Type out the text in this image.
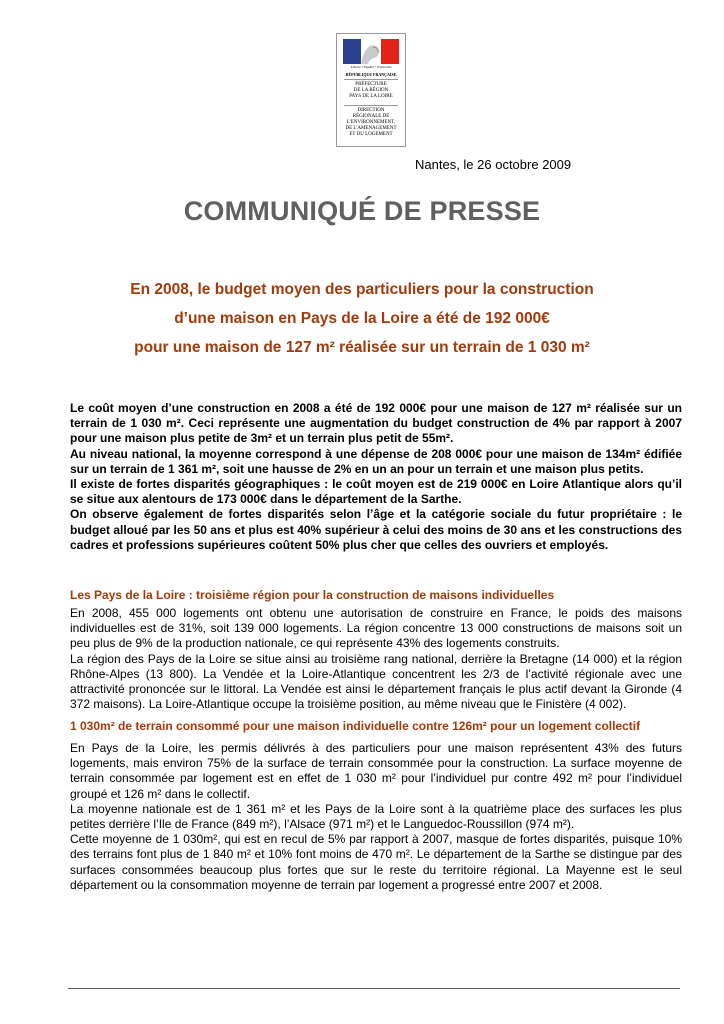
Liberté • Égalité • Fraternité
RÉPUBLIQUE FRANÇAISE
PRÉFECTURE
DE LA RÉGION
PAYS DE LA LOIRE
DIRECTION
RÉGIONALE DE
L'ENVIRONNEMENT,
DE L'AMENAGEMENT
ET DU LOGEMENT
Nantes, le 26 octobre 2009
COMMUNIQUÉ DE PRESSE
En 2008, le budget moyen des particuliers pour la construction
d’une maison en Pays de la Loire a été de 192 000€
pour une maison de 127 m² réalisée sur un terrain de 1 030 m²

Le coût moyen d’une construction en 2008 a été de 192 000€ pour une maison de 127 m² réalisée sur un terrain de 1 030 m². Ceci représente une augmentation du budget construction de 4% par rapport à 2007 pour une maison plus petite de 3m² et un terrain plus petit de 55m².

Au niveau national, la moyenne correspond à une dépense de 208 000€ pour une maison de 134m² édifiée sur un terrain de 1 361 m², soit une hausse de 2% en un an pour un terrain et une maison plus petits.

Il existe de fortes disparités géographiques : le coût moyen est de 219 000€ en Loire Atlantique alors qu’il se situe aux alentours de 173 000€ dans le département de la Sarthe.

On observe également de fortes disparités selon l’âge et la catégorie sociale du futur propriétaire : le budget alloué par les 50 ans et plus est 40% supérieur à celui des moins de 30 ans et les constructions des cadres et professions supérieures coûtent 50% plus cher que celles des ouvriers et employés.

Les Pays de la Loire : troisième région pour la construction de maisons individuelles

En 2008, 455 000 logements ont obtenu une autorisation de construire en France, le poids des maisons individuelles est de 31%, soit 139 000 logements. La région concentre 13 000 constructions de maisons soit un peu plus de 9% de la production nationale, ce qui représente 43% des logements construits.

La région des Pays de la Loire se situe ainsi au troisième rang national, derrière la Bretagne (14 000) et la région Rhône-Alpes (13 800). La Vendée et la Loire-Atlantique concentrent les 2/3 de l’activité régionale avec une attractivité prononcée sur le littoral. La Vendée est ainsi le département français le plus actif devant la Gironde (4 372 maisons). La Loire-Atlantique occupe la troisième position, au même niveau que le Finistère (4 002).

1 030m² de terrain consommé pour une maison individuelle contre 126m² pour un logement collectif

En Pays de la Loire, les permis délivrés à des particuliers pour une maison représentent 43% des futurs logements, mais environ 75% de la surface de terrain consommée pour la construction. La surface moyenne de terrain consommée par logement est en effet de 1 030 m² pour l’individuel pur contre 492 m² pour l’individuel groupé et 126 m² dans le collectif.

La moyenne nationale est de 1 361 m² et les Pays de la Loire sont à la quatrième place des surfaces les plus petites derrière l’Ile de France (849 m²), l’Alsace (971 m²) et le Languedoc-Roussillon (974 m²).

Cette moyenne de 1 030m², qui est en recul de 5% par rapport à 2007, masque de fortes disparités, puisque 10% des terrains font plus de 1 840 m² et 10% font moins de 470 m². Le département de la Sarthe se distingue par des surfaces consommées beaucoup plus fortes que sur le reste du territoire régional. La Mayenne est le seul département ou la consommation moyenne de terrain par logement a progressé entre 2007 et 2008.
